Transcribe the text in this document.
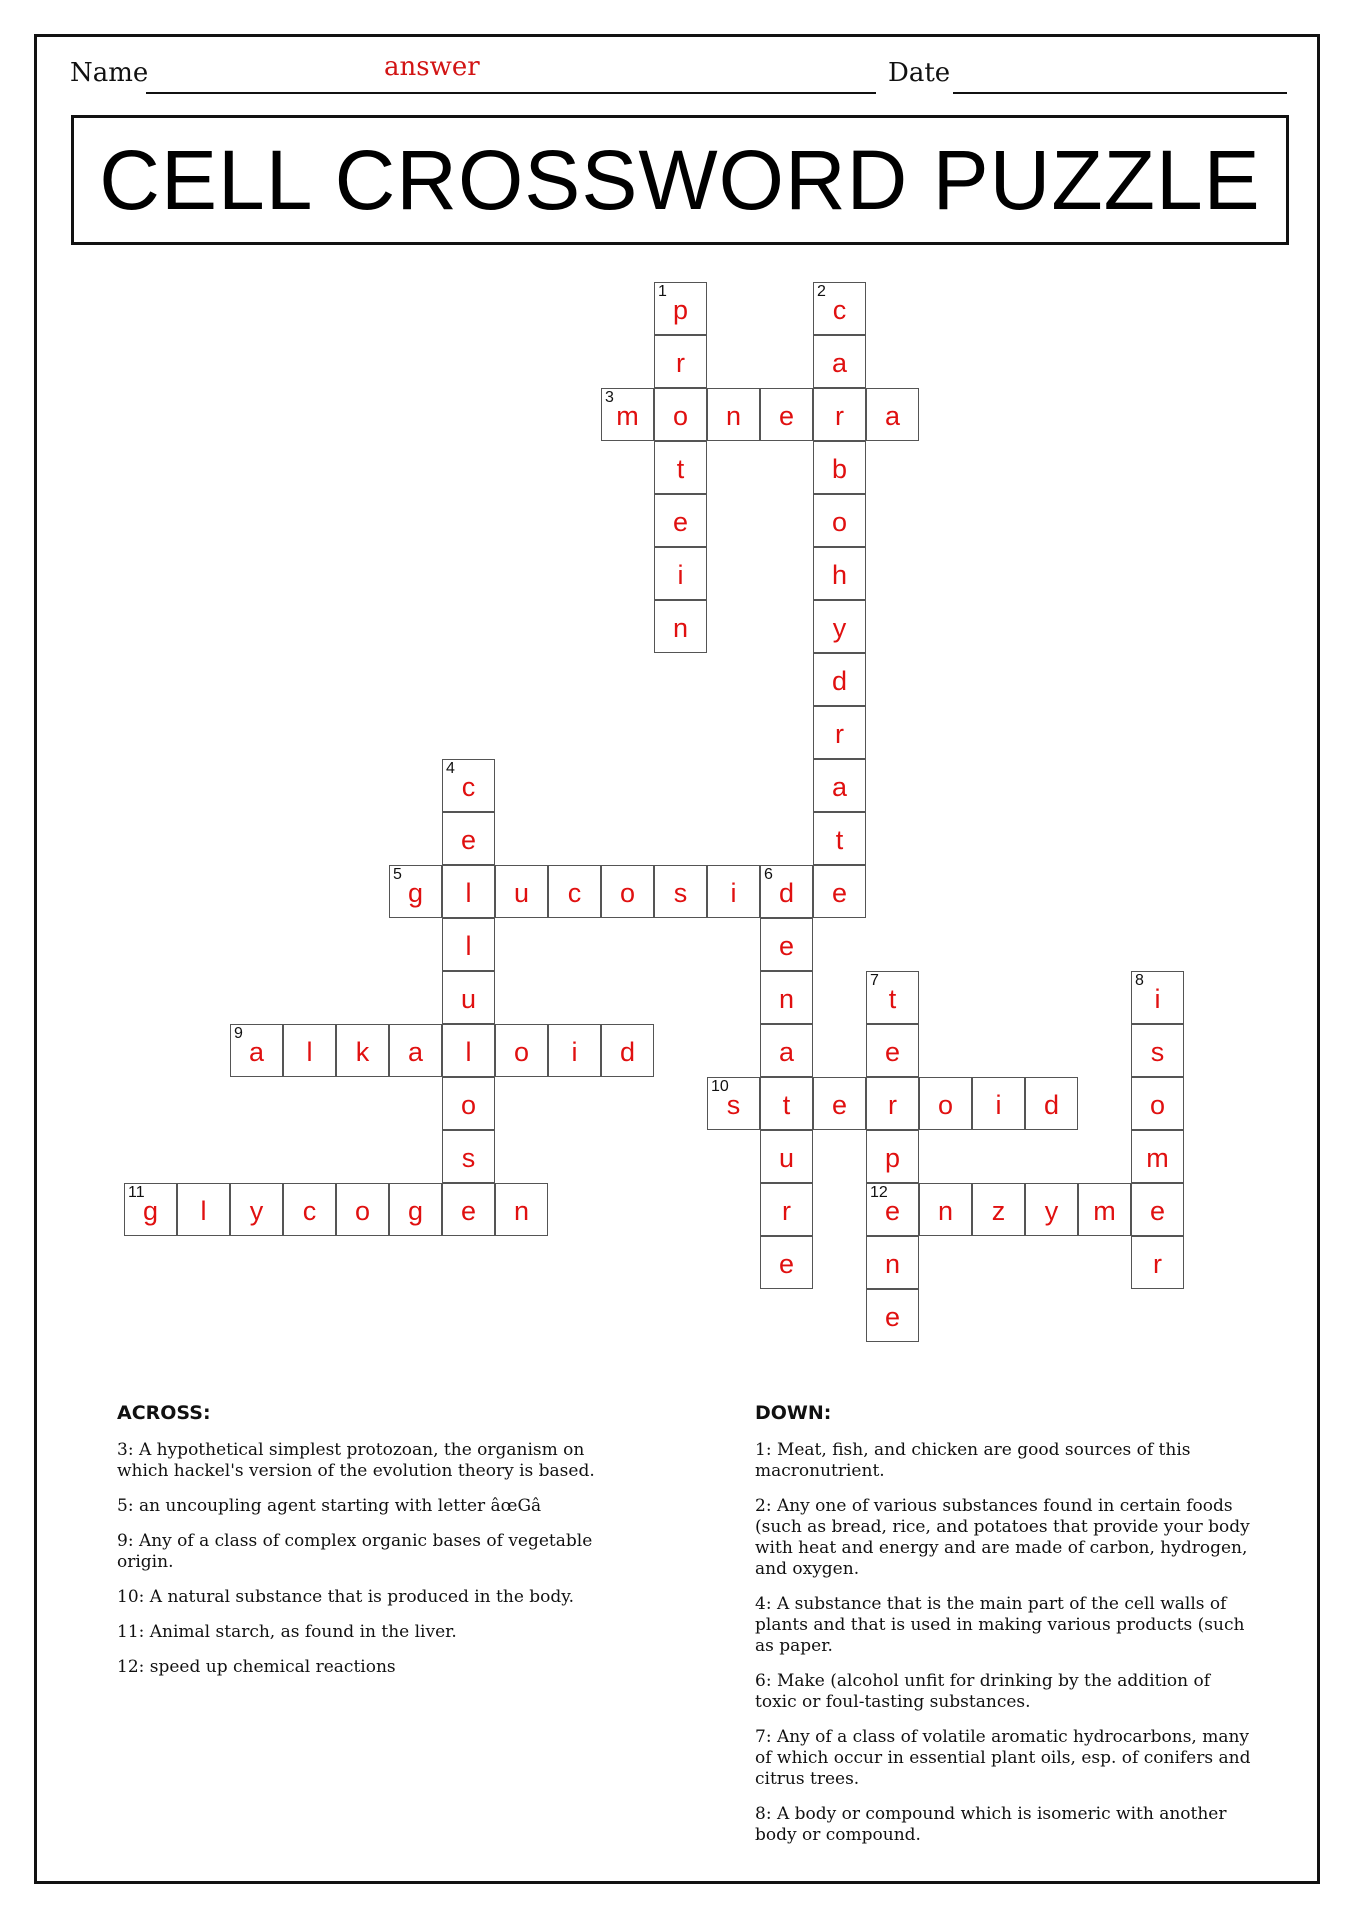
Name	answer	Date
CELL CROSSWORD PUZZLE
1
p
r
o
t
e
i
n
2
c
a
r
b
o
h
y
d
r
a
t
e
3
m	n	e	a
4
c
e
l
l
u
l
o
s
e
5
g	u	c	o	s	i
6
d
e
n
a
t
u
r
e
7
t
e
r
p
12
e
n
e
8
i
s
o
m
e
r
9
a	l	k	a	o	i	d
10
s	e	o	i	d
11
g	l	y	c	o	g	n	n	z	y	m
ACROSS:
3: A hypothetical simplest protozoan, the organism on which hackel's version of the evolution theory is based.
5: an uncoupling agent starting with letter âœGâ
9: Any of a class of complex organic bases of vegetable origin.
10: A natural substance that is produced in the body.
11: Animal starch, as found in the liver.
12: speed up chemical reactions
DOWN:
1: Meat, fish, and chicken are good sources of this macronutrient.
2: Any one of various substances found in certain foods (such as bread, rice, and potatoes that provide your body with heat and energy and are made of carbon, hydrogen, and oxygen.
4: A substance that is the main part of the cell walls of plants and that is used in making various products (such as paper.
6: Make (alcohol unfit for drinking by the addition of toxic or foul-tasting substances.
7: Any of a class of volatile aromatic hydrocarbons, many of which occur in essential plant oils, esp. of conifers and citrus trees.
8: A body or compound which is isomeric with another body or compound.
